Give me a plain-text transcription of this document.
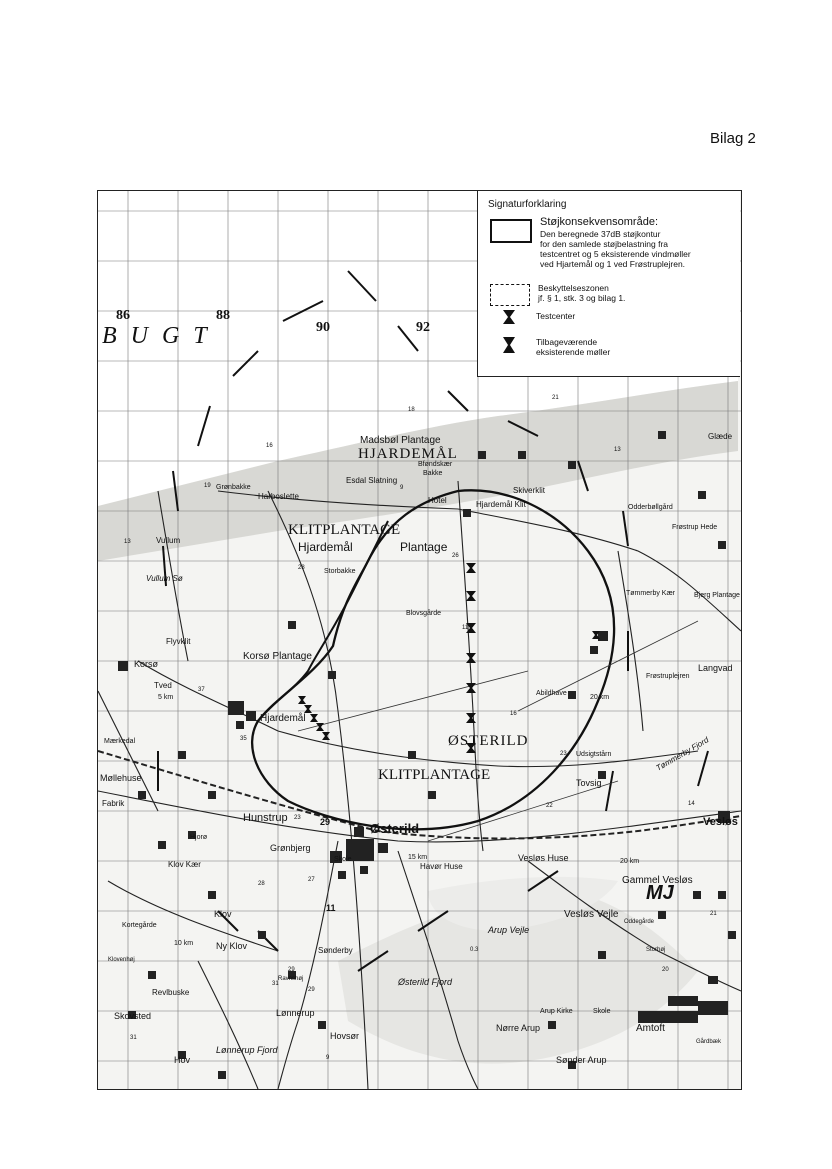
Bilag 2
86	88
90	92
BUGT
HJARDEMÅL
KLITPLANTAGE
ØSTERILD
KLITPLANTAGE
MJ
Madsbøl Plantage
Bføndskær
Bakke
Esdal Slatning
Hotel	Hjardemål Klit
Skiverklit
Grønbakke
Harboslette
Vullum
Vullum Sø
Hjardemål	Plantage
Storbakke
Blovsgårde
Flyvklit
Korsø Plantage
Korsø
Tved
Hjardemål
Mærkedal
Abildhave
Frøstruplejren
Langvad
Tømmerby Kær
Frøstrup Hede
Odderbøllgård
Glæde
Udsigtstårn
Tovsig
Møllehuse
Fabrik
Hunstrup
Hjorø
Grønbjerg
Skole
Østerild
Havør Huse
Vesløs Huse
Vesløs
Gammel Vesløs
Vesløs Vejle
Klov Kær
Klov
Ny Klov
Kortegårde
Klovenhøj
Revlbuske
Skovsted
Sønderby
Ravnshøj
Lønnerup
Hovsør
Arup Vejle
Østerild Fjord
Nørre Arup
Arup Kirke	Skole
Amtoft
Gårdbæk
Sønder Arup
Oddegårde
Storhøj
Lønnerup Fjord
Hov
Bjerg Plantage
Tømmerby Fjord
20 km
15 km
20 km
10 km
5 km
18
21
13
16
19
28
26
11
9
13
29
35
23
37
22
23
16
28
29
27
31
29
11
9
14
21
20
31
0.3
Signaturforklaring
Støjkonsekvensområde:
Den beregnede 37dB støjkontur
for den samlede støjbelastning fra
testcentret og 5 eksisterende vindmøller
ved Hjartemål og 1 ved Frøstruplejren.
Beskyttelseszonen
jf. § 1, stk. 3 og bilag 1.
Testcenter
Tilbageværende
eksisterende møller
